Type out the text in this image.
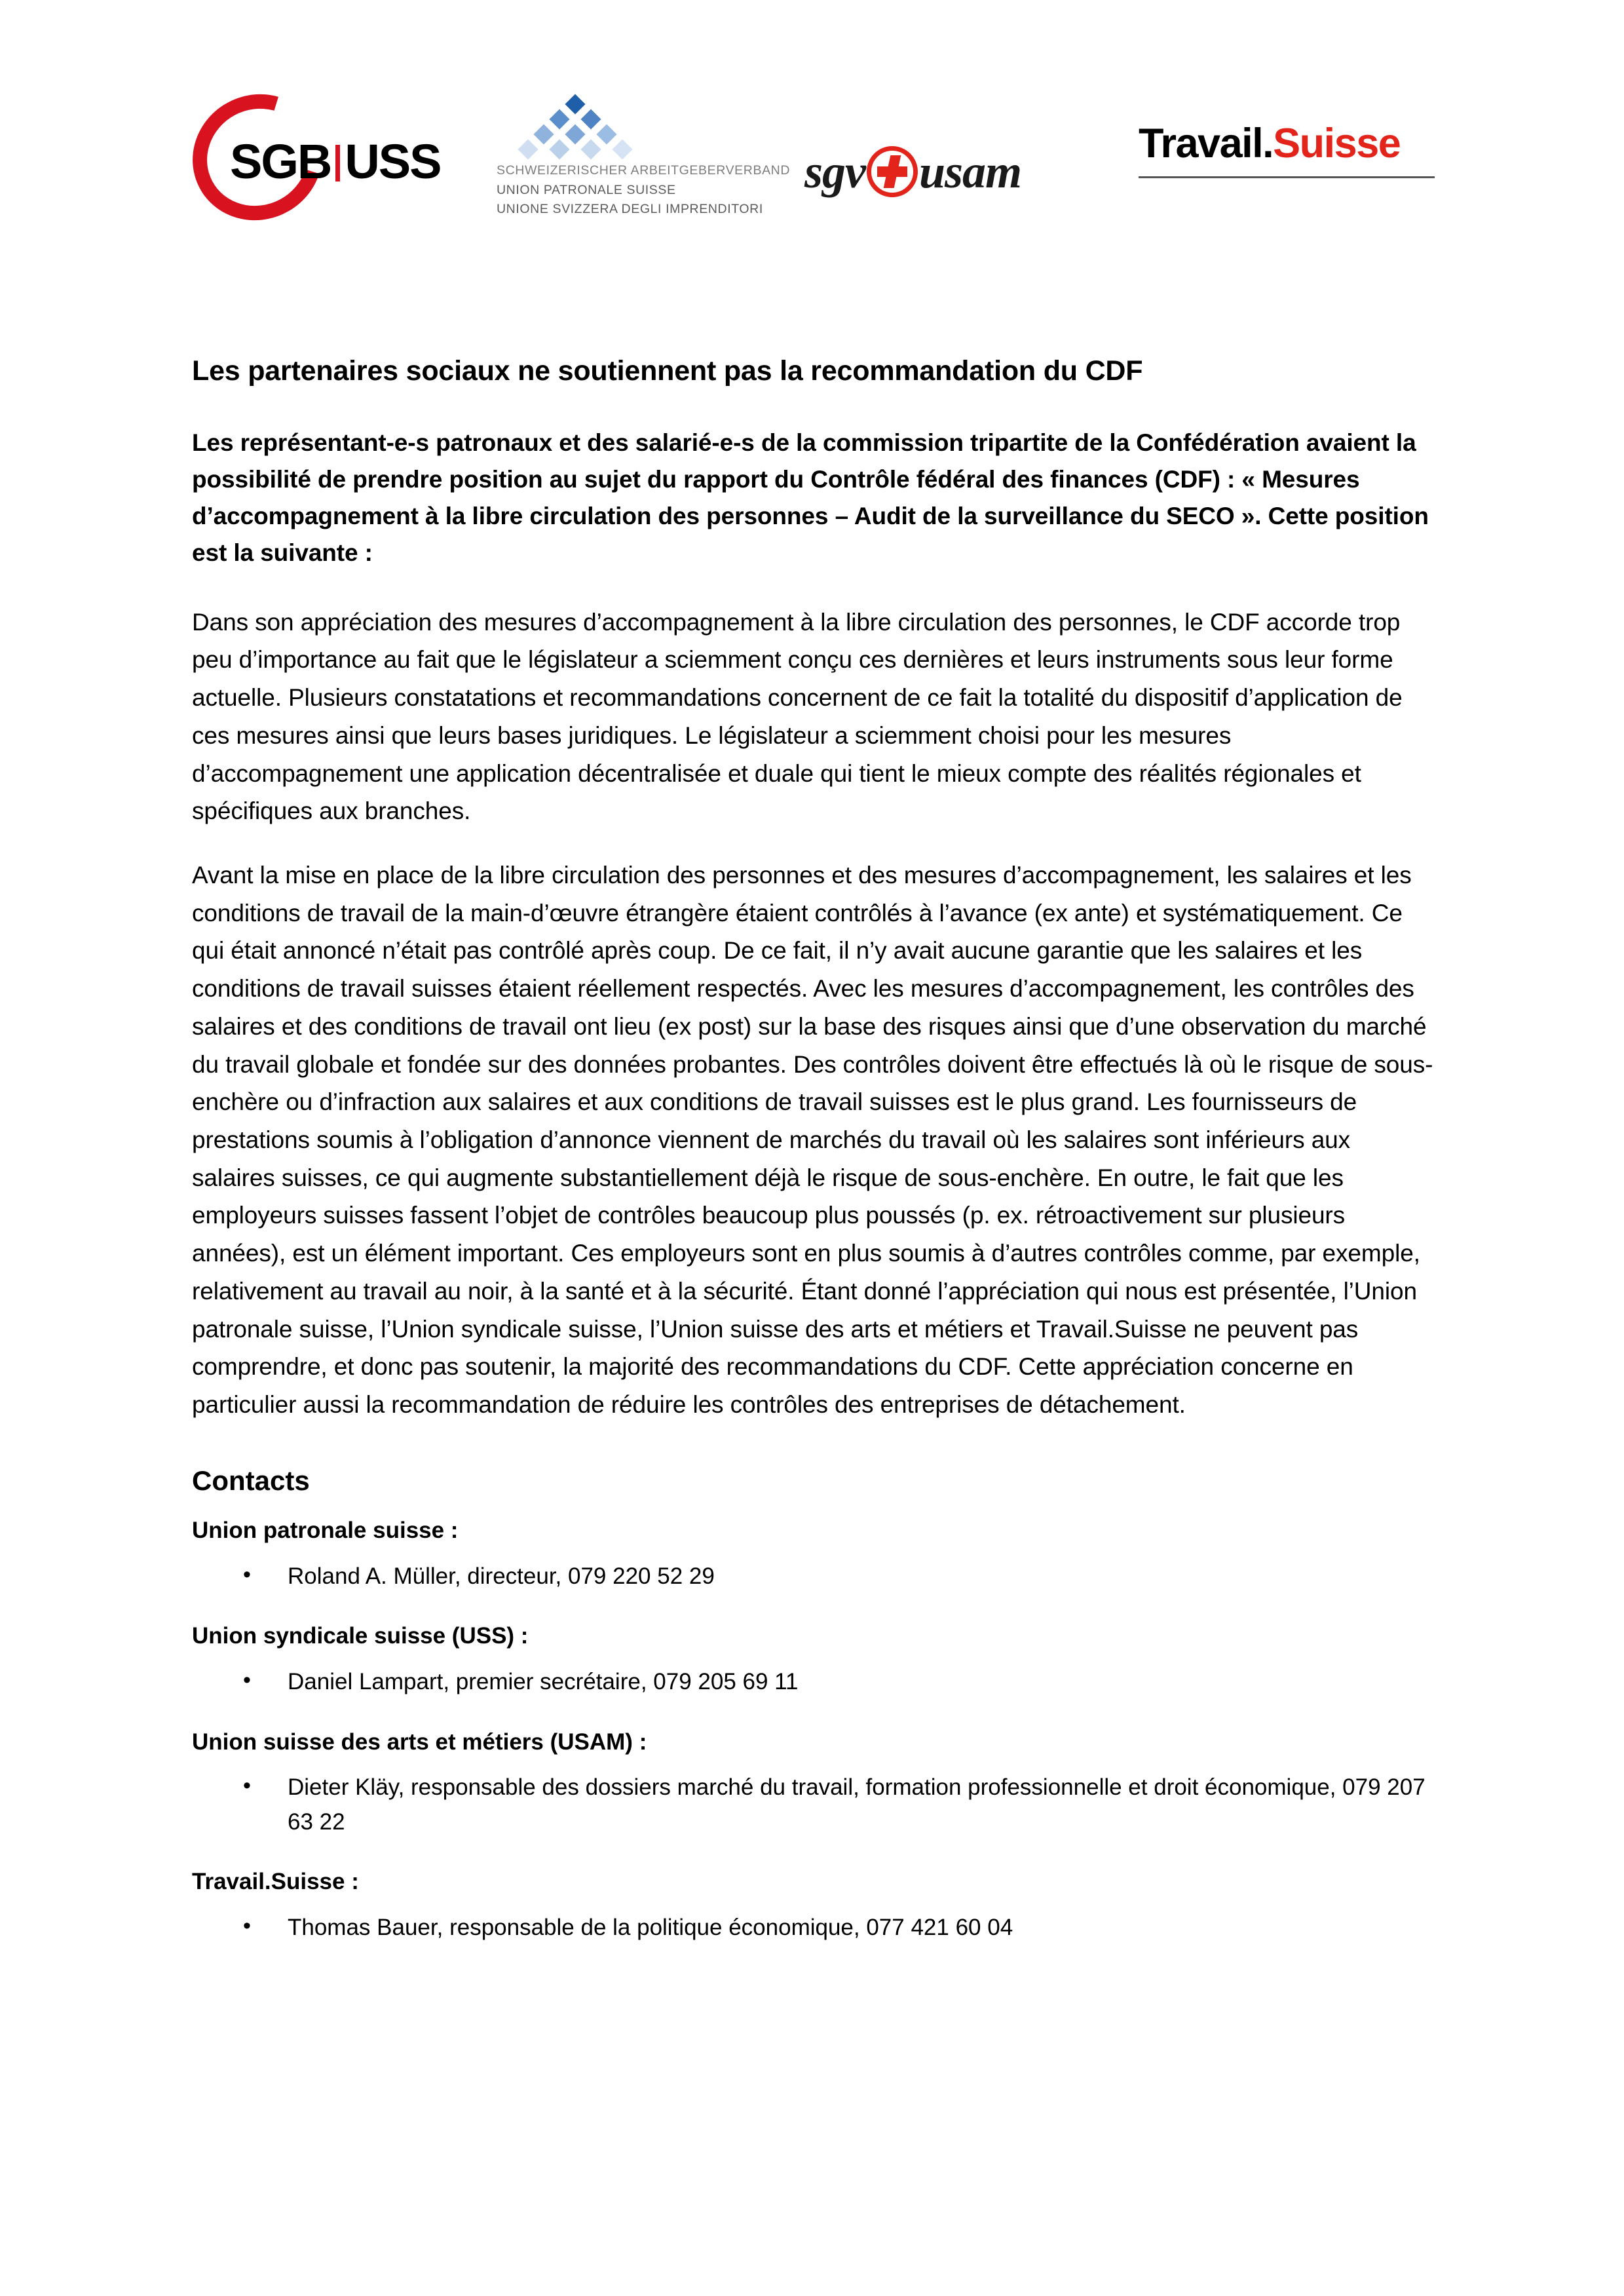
SGB USS	SCHWEIZERISCHER ARBEITGEBERVERBAND
UNION PATRONALE SUISSE
UNIONE SVIZZERA DEGLI IMPRENDITORI
sgv usam
Travail.Suisse
Les partenaires sociaux ne soutiennent pas la recommandation du CDF

Les représentant-e-s patronaux et des salarié-e-s de la commission tripartite de la Confédération avaient la possibilité de prendre position au sujet du rapport du Contrôle fédéral des finances (CDF) : « Mesures d’accompagnement à la libre circulation des personnes – Audit de la surveillance du SECO ». Cette position est la suivante :

Dans son appréciation des mesures d’accompagnement à la libre circulation des personnes, le CDF accorde trop peu d’importance au fait que le législateur a sciemment conçu ces dernières et leurs instruments sous leur forme actuelle. Plusieurs constatations et recommandations concernent de ce fait la totalité du dispositif d’application de ces mesures ainsi que leurs bases juridiques. Le législateur a sciemment choisi pour les mesures d’accompagnement une application décentralisée et duale qui tient le mieux compte des réalités régionales et spécifiques aux branches.

Avant la mise en place de la libre circulation des personnes et des mesures d’accompagnement, les salaires et les conditions de travail de la main-d’œuvre étrangère étaient contrôlés à l’avance (ex ante) et systématiquement. Ce qui était annoncé n’était pas contrôlé après coup. De ce fait, il n’y avait aucune garantie que les salaires et les conditions de travail suisses étaient réellement respectés. Avec les mesures d’accompagnement, les contrôles des salaires et des conditions de travail ont lieu (ex post) sur la base des risques ainsi que d’une observation du marché du travail globale et fondée sur des données probantes. Des contrôles doivent être effectués là où le risque de sous-enchère ou d’infraction aux salaires et aux conditions de travail suisses est le plus grand. Les fournisseurs de prestations soumis à l’obligation d’annonce viennent de marchés du travail où les salaires sont inférieurs aux salaires suisses, ce qui augmente substantiellement déjà le risque de sous-enchère. En outre, le fait que les employeurs suisses fassent l’objet de contrôles beaucoup plus poussés (p. ex. rétroactivement sur plusieurs années), est un élément important. Ces employeurs sont en plus soumis à d’autres contrôles comme, par exemple, relativement au travail au noir, à la santé et à la sécurité. Étant donné l’appréciation qui nous est présentée, l’Union patronale suisse, l’Union syndicale suisse, l’Union suisse des arts et métiers et Travail.Suisse ne peuvent pas comprendre, et donc pas soutenir, la majorité des recommandations du CDF. Cette appréciation concerne en particulier aussi la recommandation de réduire les contrôles des entreprises de détachement.

Contacts

Union patronale suisse :

• Roland A. Müller, directeur, 079 220 52 29

Union syndicale suisse (USS) :

• Daniel Lampart, premier secrétaire, 079 205 69 11

Union suisse des arts et métiers (USAM) :

• Dieter Kläy, responsable des dossiers marché du travail, formation professionnelle et droit économique, 079 207 63 22

Travail.Suisse :

• Thomas Bauer, responsable de la politique économique, 077 421 60 04
